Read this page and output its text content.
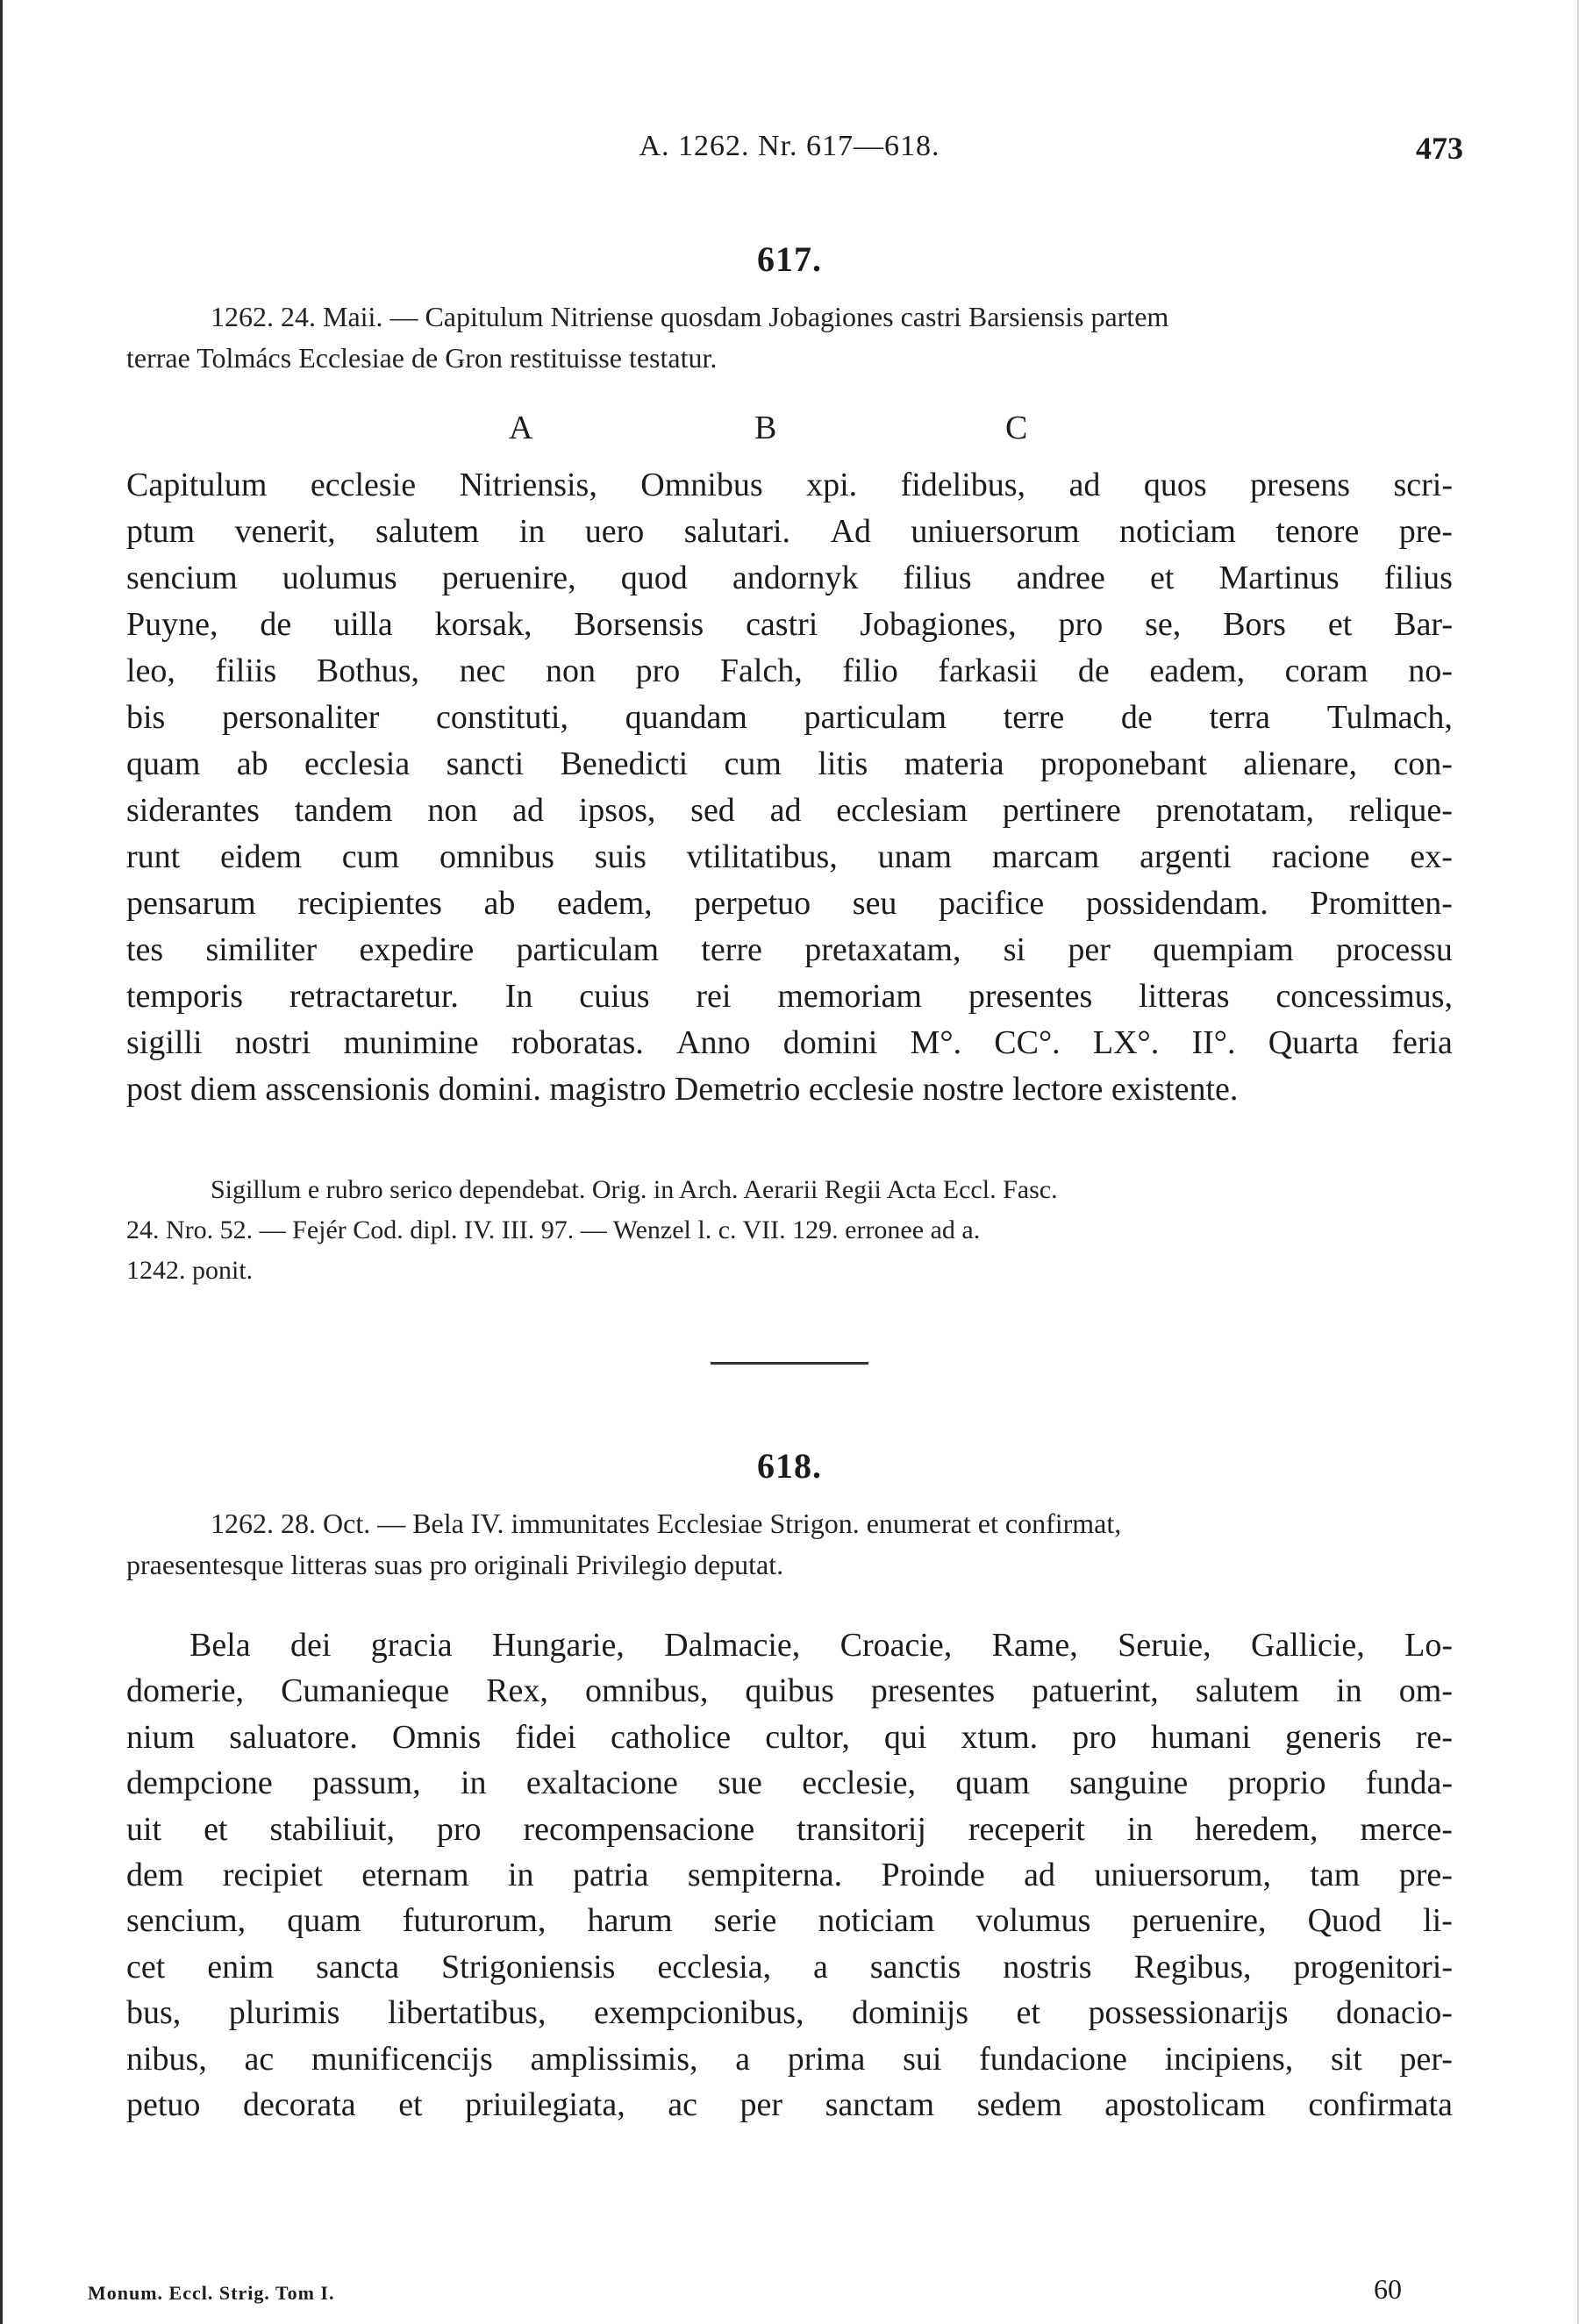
A. 1262. Nr. 617—618.	473
617.
1262. 24. Maii. — Capitulum Nitriense quosdam Jobagiones castri Barsiensis partem
terrae Tolmács Ecclesiae de Gron restituisse testatur.
A	B	C
Capitulum ecclesie Nitriensis, Omnibus xpi. fidelibus, ad quos presens scri-
ptum venerit, salutem in uero salutari. Ad uniuersorum noticiam tenore pre-
sencium uolumus peruenire, quod andornyk filius andree et Martinus filius
Puyne, de uilla korsak, Borsensis castri Jobagiones, pro se, Bors et Bar-
leo, filiis Bothus, nec non pro Falch, filio farkasii de eadem, coram no-
bis personaliter constituti, quandam particulam terre de terra Tulmach,
quam ab ecclesia sancti Benedicti cum litis materia proponebant alienare, con-
siderantes tandem non ad ipsos, sed ad ecclesiam pertinere prenotatam, relique-
runt eidem cum omnibus suis vtilitatibus, unam marcam argenti racione ex-
pensarum recipientes ab eadem, perpetuo seu pacifice possidendam. Promitten-
tes similiter expedire particulam terre pretaxatam, si per quempiam processu
temporis retractaretur. In cuius rei memoriam presentes litteras concessimus,
sigilli nostri munimine roboratas. Anno domini M°. CC°. LX°. II°. Quarta feria
post diem asscensionis domini. magistro Demetrio ecclesie nostre lectore existente.
Sigillum e rubro serico dependebat. Orig. in Arch. Aerarii Regii Acta Eccl. Fasc.
24. Nro. 52. — Fejér Cod. dipl. IV. III. 97. — Wenzel l. c. VII. 129. erronee ad a.
1242. ponit.
618.
1262. 28. Oct. — Bela IV. immunitates Ecclesiae Strigon. enumerat et confirmat,
praesentesque litteras suas pro originali Privilegio deputat.
Bela dei gracia Hungarie, Dalmacie, Croacie, Rame, Seruie, Gallicie, Lo-
domerie, Cumanieque Rex, omnibus, quibus presentes patuerint, salutem in om-
nium saluatore. Omnis fidei catholice cultor, qui xtum. pro humani generis re-
dempcione passum, in exaltacione sue ecclesie, quam sanguine proprio funda-
uit et stabiliuit, pro recompensacione transitorij receperit in heredem, merce-
dem recipiet eternam in patria sempiterna. Proinde ad uniuersorum, tam pre-
sencium, quam futurorum, harum serie noticiam volumus peruenire, Quod li-
cet enim sancta Strigoniensis ecclesia, a sanctis nostris Regibus, progenitori-
bus, plurimis libertatibus, exempcionibus, dominijs et possessionarijs donacio-
nibus, ac munificencijs amplissimis, a prima sui fundacione incipiens, sit per-
petuo decorata et priuilegiata, ac per sanctam sedem apostolicam confirmata
Monum. Eccl. Strig. Tom I.	60
